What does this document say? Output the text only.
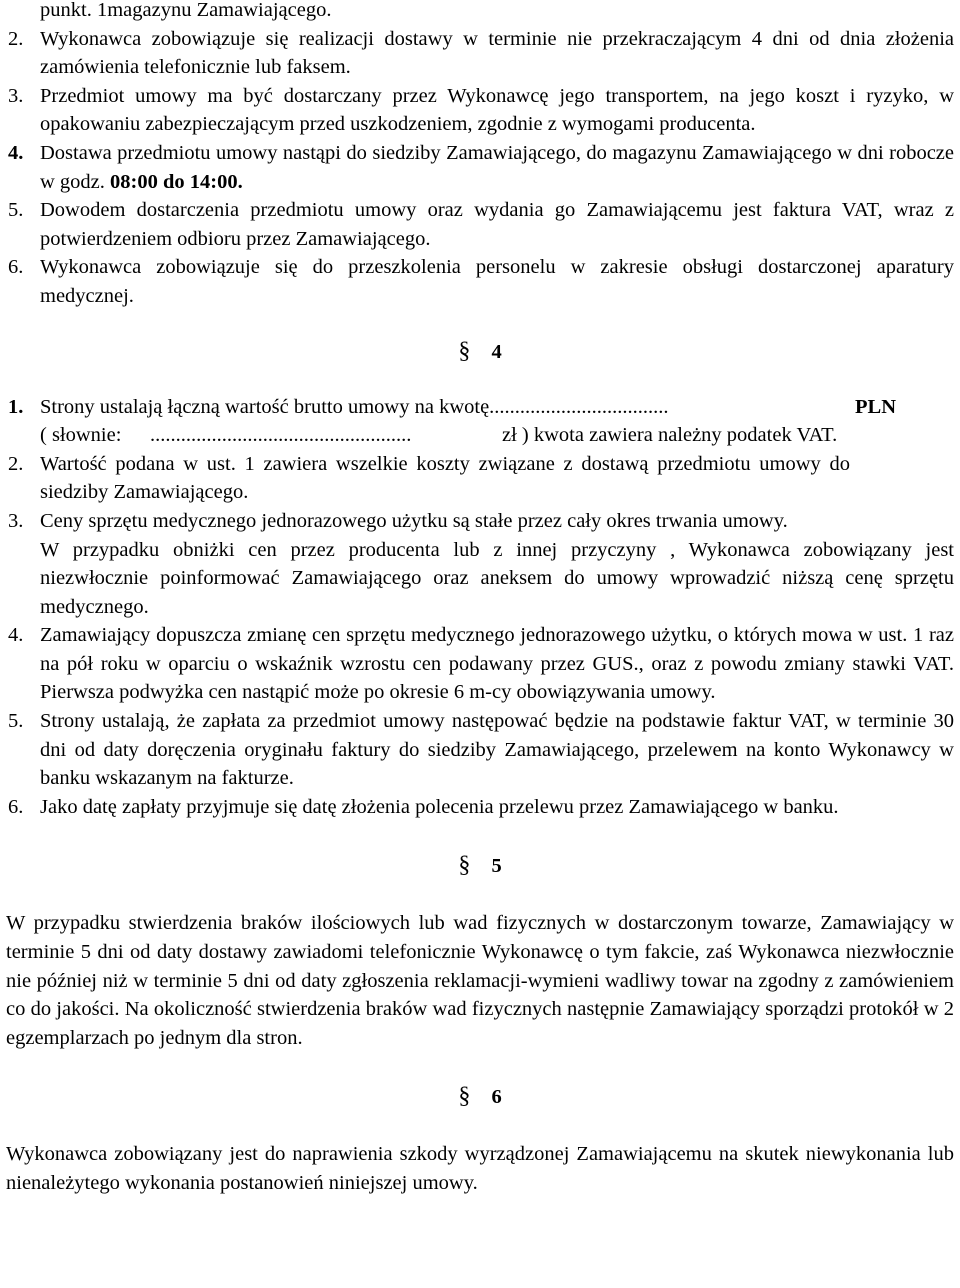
punkt. 1magazynu Zamawiającego.
2. Wykonawca zobowiązuje się realizacji dostawy w terminie nie przekraczającym 4 dni od dnia złożenia zamówienia telefonicznie lub faksem.
3. Przedmiot umowy ma być dostarczany przez Wykonawcę jego transportem, na jego koszt i ryzyko, w opakowaniu zabezpieczającym przed uszkodzeniem, zgodnie z wymogami producenta.
4. Dostawa przedmiotu umowy nastąpi do siedziby Zamawiającego, do magazynu Zamawiającego w dni robocze w godz. 08:00 do 14:00.
5. Dowodem dostarczenia przedmiotu umowy oraz wydania go Zamawiającemu jest faktura VAT, wraz z potwierdzeniem odbioru przez Zamawiającego.
6. Wykonawca zobowiązuje się do przeszkolenia personelu w zakresie obsługi dostarczonej aparatury medycznej.
§ 4
1. Strony ustalają łączną wartość brutto umowy na kwotę...................................	PLN
( słownie: ...................................................	zł ) kwota zawiera należny podatek VAT.
2. Wartość podana w ust. 1 zawiera wszelkie koszty związane z dostawą przedmiotu umowy do siedziby Zamawiającego.
3. Ceny sprzętu medycznego jednorazowego użytku są stałe przez cały okres trwania umowy.
W przypadku obniżki cen przez producenta lub z innej przyczyny , Wykonawca zobowiązany jest niezwłocznie poinformować Zamawiającego oraz aneksem do umowy wprowadzić niższą cenę sprzętu medycznego.
4. Zamawiający dopuszcza zmianę cen sprzętu medycznego jednorazowego użytku, o których mowa w ust. 1 raz na pół roku w oparciu o wskaźnik wzrostu cen podawany przez GUS., oraz z powodu zmiany stawki VAT. Pierwsza podwyżka cen nastąpić może po okresie 6 m-cy obowiązywania umowy.
5. Strony ustalają, że zapłata za przedmiot umowy następować będzie na podstawie faktur VAT, w terminie 30 dni od daty doręczenia oryginału faktury do siedziby Zamawiającego, przelewem na konto Wykonawcy w banku wskazanym na fakturze.
6. Jako datę zapłaty przyjmuje się datę złożenia polecenia przelewu przez Zamawiającego w banku.
§ 5
W przypadku stwierdzenia braków ilościowych lub wad fizycznych w dostarczonym towarze, Zamawiający w terminie 5 dni od daty dostawy zawiadomi telefonicznie Wykonawcę o tym fakcie, zaś Wykonawca niezwłocznie nie później niż w terminie 5 dni od daty zgłoszenia reklamacji-wymieni wadliwy towar na zgodny z zamówieniem co do jakości. Na okoliczność stwierdzenia braków wad fizycznych następnie Zamawiający sporządzi protokół w 2 egzemplarzach po jednym dla stron.
§ 6
Wykonawca zobowiązany jest do naprawienia szkody wyrządzonej Zamawiającemu na skutek niewykonania lub nienależytego wykonania postanowień niniejszej umowy.
